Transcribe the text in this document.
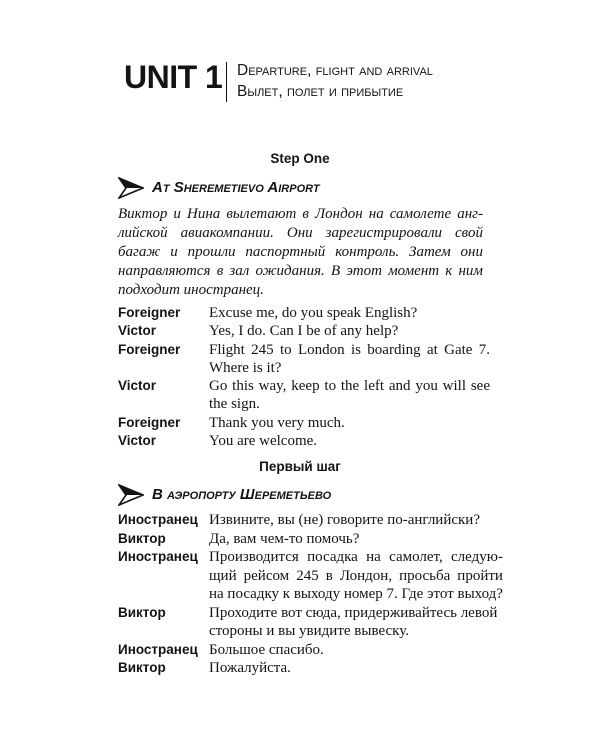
UNIT 1 Departure, flight and arrival
Вылет, полет и прибытие
Step One
At Sheremetievo Airport
Виктор и Нина вылетают в Лондон на самолете анг-
лийской авиакомпании. Они зарегистрировали свой
багаж и прошли паспортный контроль. Затем они
направляются в зал ожидания. В этот момент к ним
подходит иностранец.
Foreigner	Excuse me, do you speak English?
Victor	Yes, I do. Can I be of any help?
Foreigner	Flight 245 to London is boarding at Gate 7.
Where is it?
Victor	Go this way, keep to the left and you will see
the sign.
Foreigner	Thank you very much.
Victor	You are welcome.
Первый шаг
В аэропорту Шереметьево
Иностранец Извините, вы (не) говорите по-английски?
Виктор	Да, вам чем-то помочь?
Иностранец Производится посадка на самолет, следую-
щий рейсом 245 в Лондон, просьба пройти
на посадку к выходу номер 7. Где этот выход?
Виктор	Проходите вот сюда, придерживайтесь левой
стороны и вы увидите вывеску.
Иностранец Большое спасибо.
Виктор	Пожалуйста.
